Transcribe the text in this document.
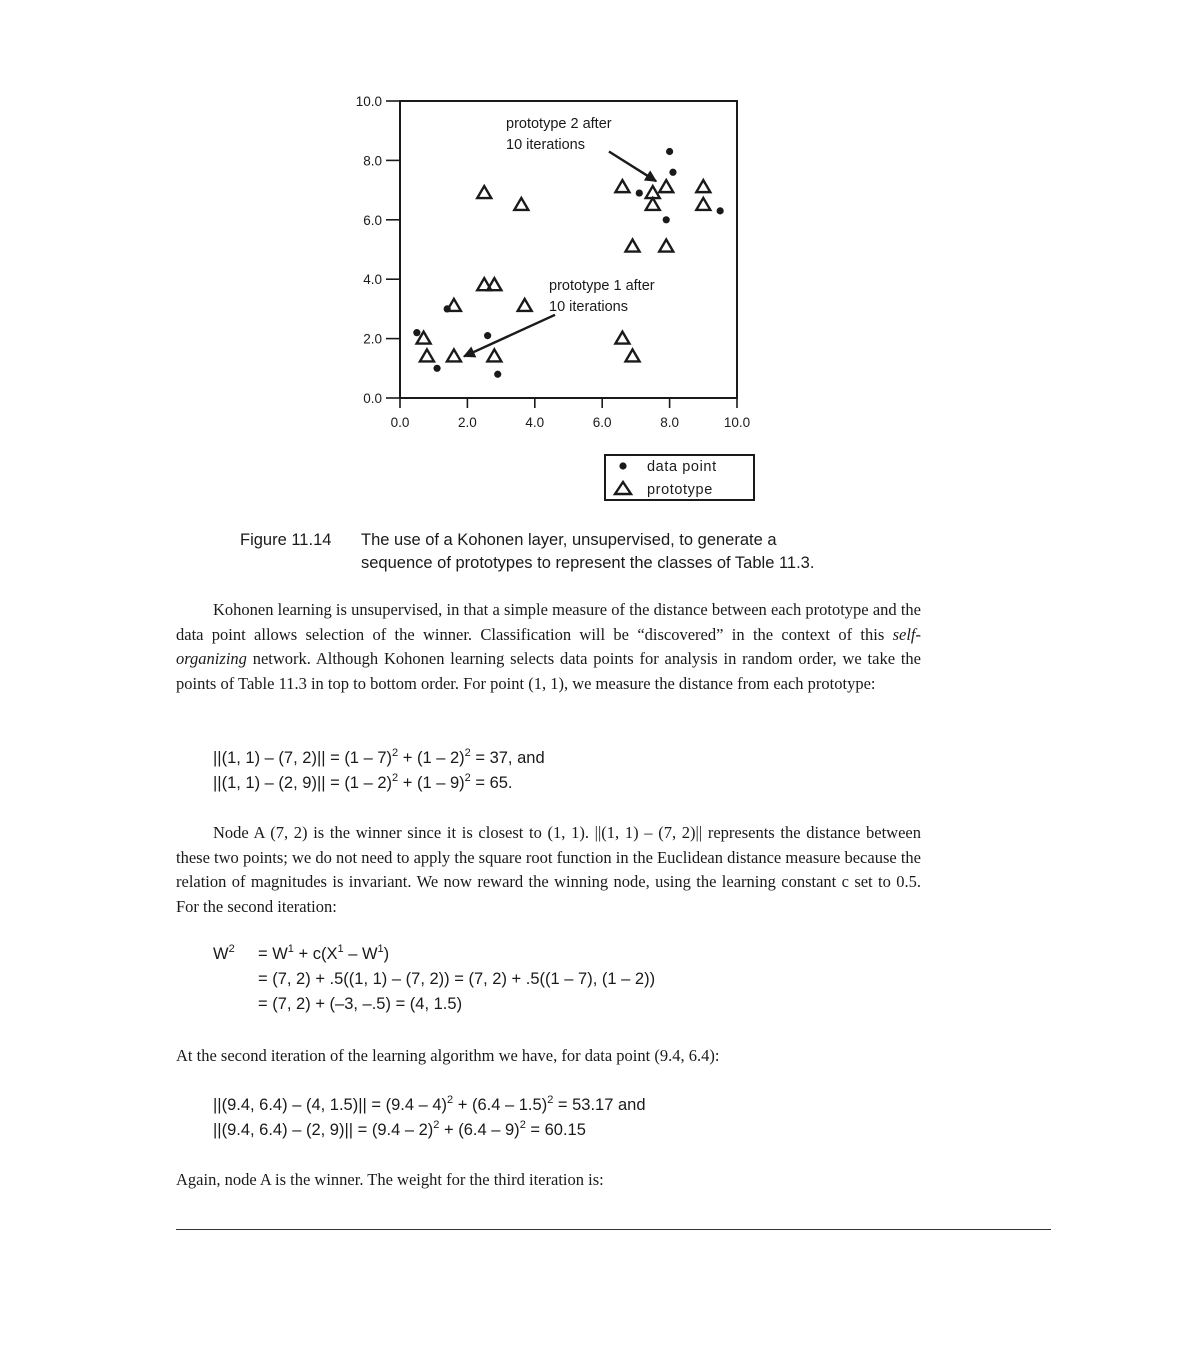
0.0
2.0
4.0
6.0
8.0
10.0
0.0	2.0	4.0	6.0	8.0	10.0
prototype 2 after
10 iterations
prototype 1 after
10 iterations
data point
prototype
Figure 11.14	The use of a Kohonen layer, unsupervised, to generate a
sequence of prototypes to represent the classes of Table 11.3.
Kohonen learning is unsupervised, in that a simple measure of the distance between each prototype and the data point allows selection of the winner. Classification will be “discovered” in the context of this self-organizing network. Although Kohonen learning selects data points for analysis in random order, we take the points of Table 11.3 in top to bottom order. For point (1, 1), we measure the distance from each prototype:
||(1, 1) – (7, 2)|| = (1 – 7)$^2$ + (1 – 2)$^2$ = 37, and
||(1, 1) – (2, 9)|| = (1 – 2)$^2$ + (1 – 9)$^2$ = 65.
Node A (7, 2) is the winner since it is closest to (1, 1). ||(1, 1) – (7, 2)|| represents the distance between these two points; we do not need to apply the square root function in the Euclidean distance measure because the relation of magnitudes is invariant. We now reward the winning node, using the learning constant c set to 0.5. For the second iteration:
$W^2 = W^1 + c(X^1 - W^1)$
= (7, 2) + .5((1, 1) – (7, 2)) = (7, 2) + .5((1 – 7), (1 – 2))
= (7, 2) + (–3, –.5) = (4, 1.5)
At the second iteration of the learning algorithm we have, for data point (9.4, 6.4):
||(9.4, 6.4) – (4, 1.5)|| = (9.4 – 4)$^2$ + (6.4 – 1.5)$^2$ = 53.17 and
||(9.4, 6.4) – (2, 9)|| = (9.4 – 2)$^2$ + (6.4 – 9)$^2$ = 60.15
Again, node A is the winner. The weight for the third iteration is:
